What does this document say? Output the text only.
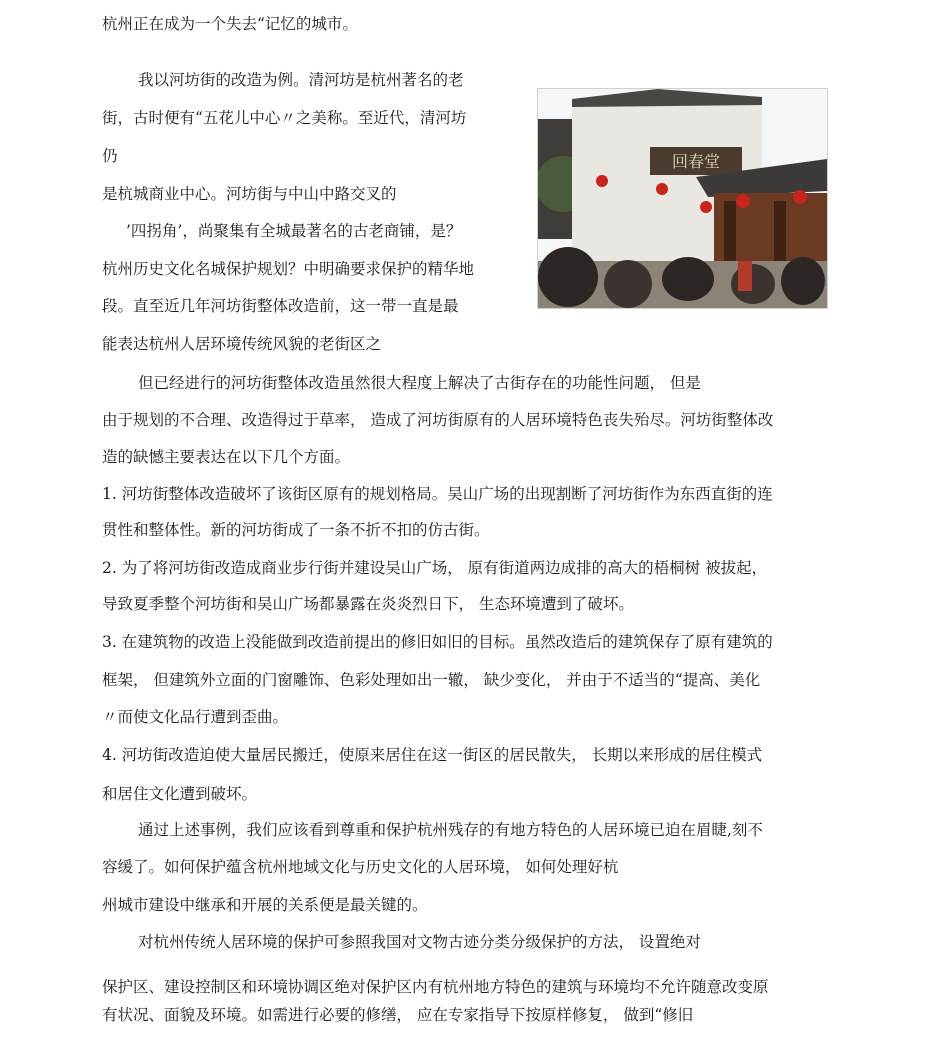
杭州正在成为一个失去“记忆的城市。
我以河坊街的改造为例。清河坊是杭州著名的老
街，古时便有“五花儿中心〃之美称。至近代，清河坊
仍
是杭城商业中心。河坊街与中山中路交叉的
’四拐角’，尚聚集有全城最著名的古老商铺，是？
杭州历史文化名城保护规划？中明确要求保护的精华地
段。直至近几年河坊街整体改造前，这一带一直是最
能表达杭州人居环境传统风貌的老街区之
但已经进行的河坊街整体改造虽然很大程度上解决了古街存在的功能性问题， 但是
由于规划的不合理、改造得过于草率， 造成了河坊街原有的人居环境特色丧失殆尽。河坊街整体改
造的缺憾主要表达在以下几个方面。
1. 河坊街整体改造破坏了该街区原有的规划格局。吴山广场的出现割断了河坊街作为东西直街的连
贯性和整体性。新的河坊街成了一条不折不扣的仿古街。
2. 为了将河坊街改造成商业步行街并建设吴山广场， 原有街道两边成排的高大的梧桐树 被拔起，
导致夏季整个河坊街和吴山广场都暴露在炎炎烈日下， 生态环境遭到了破坏。
3. 在建筑物的改造上没能做到改造前提出的修旧如旧的目标。虽然改造后的建筑保存了原有建筑的
框架， 但建筑外立面的门窗雕饰、色彩处理如出一辙， 缺少变化， 并由于不适当的“提高、美化
〃而使文化品行遭到歪曲。
4. 河坊街改造迫使大量居民搬迁，使原来居住在这一街区的居民散失， 长期以来形成的居住模式
和居住文化遭到破坏。
通过上述事例，我们应该看到尊重和保护杭州残存的有地方特色的人居环境已迫在眉睫,刻不
容缓了。如何保护蕴含杭州地域文化与历史文化的人居环境， 如何处理好杭
州城市建设中继承和开展的关系便是最关键的。
对杭州传统人居环境的保护可参照我国对文物古迹分类分级保护的方法， 设置绝对
保护区、建设控制区和环境协调区绝对保护区内有杭州地方特色的建筑与环境均不允许随意改变原
有状况、面貌及环境。如需进行必要的修缮， 应在专家指导下按原样修复， 做到“修旧
回春堂
